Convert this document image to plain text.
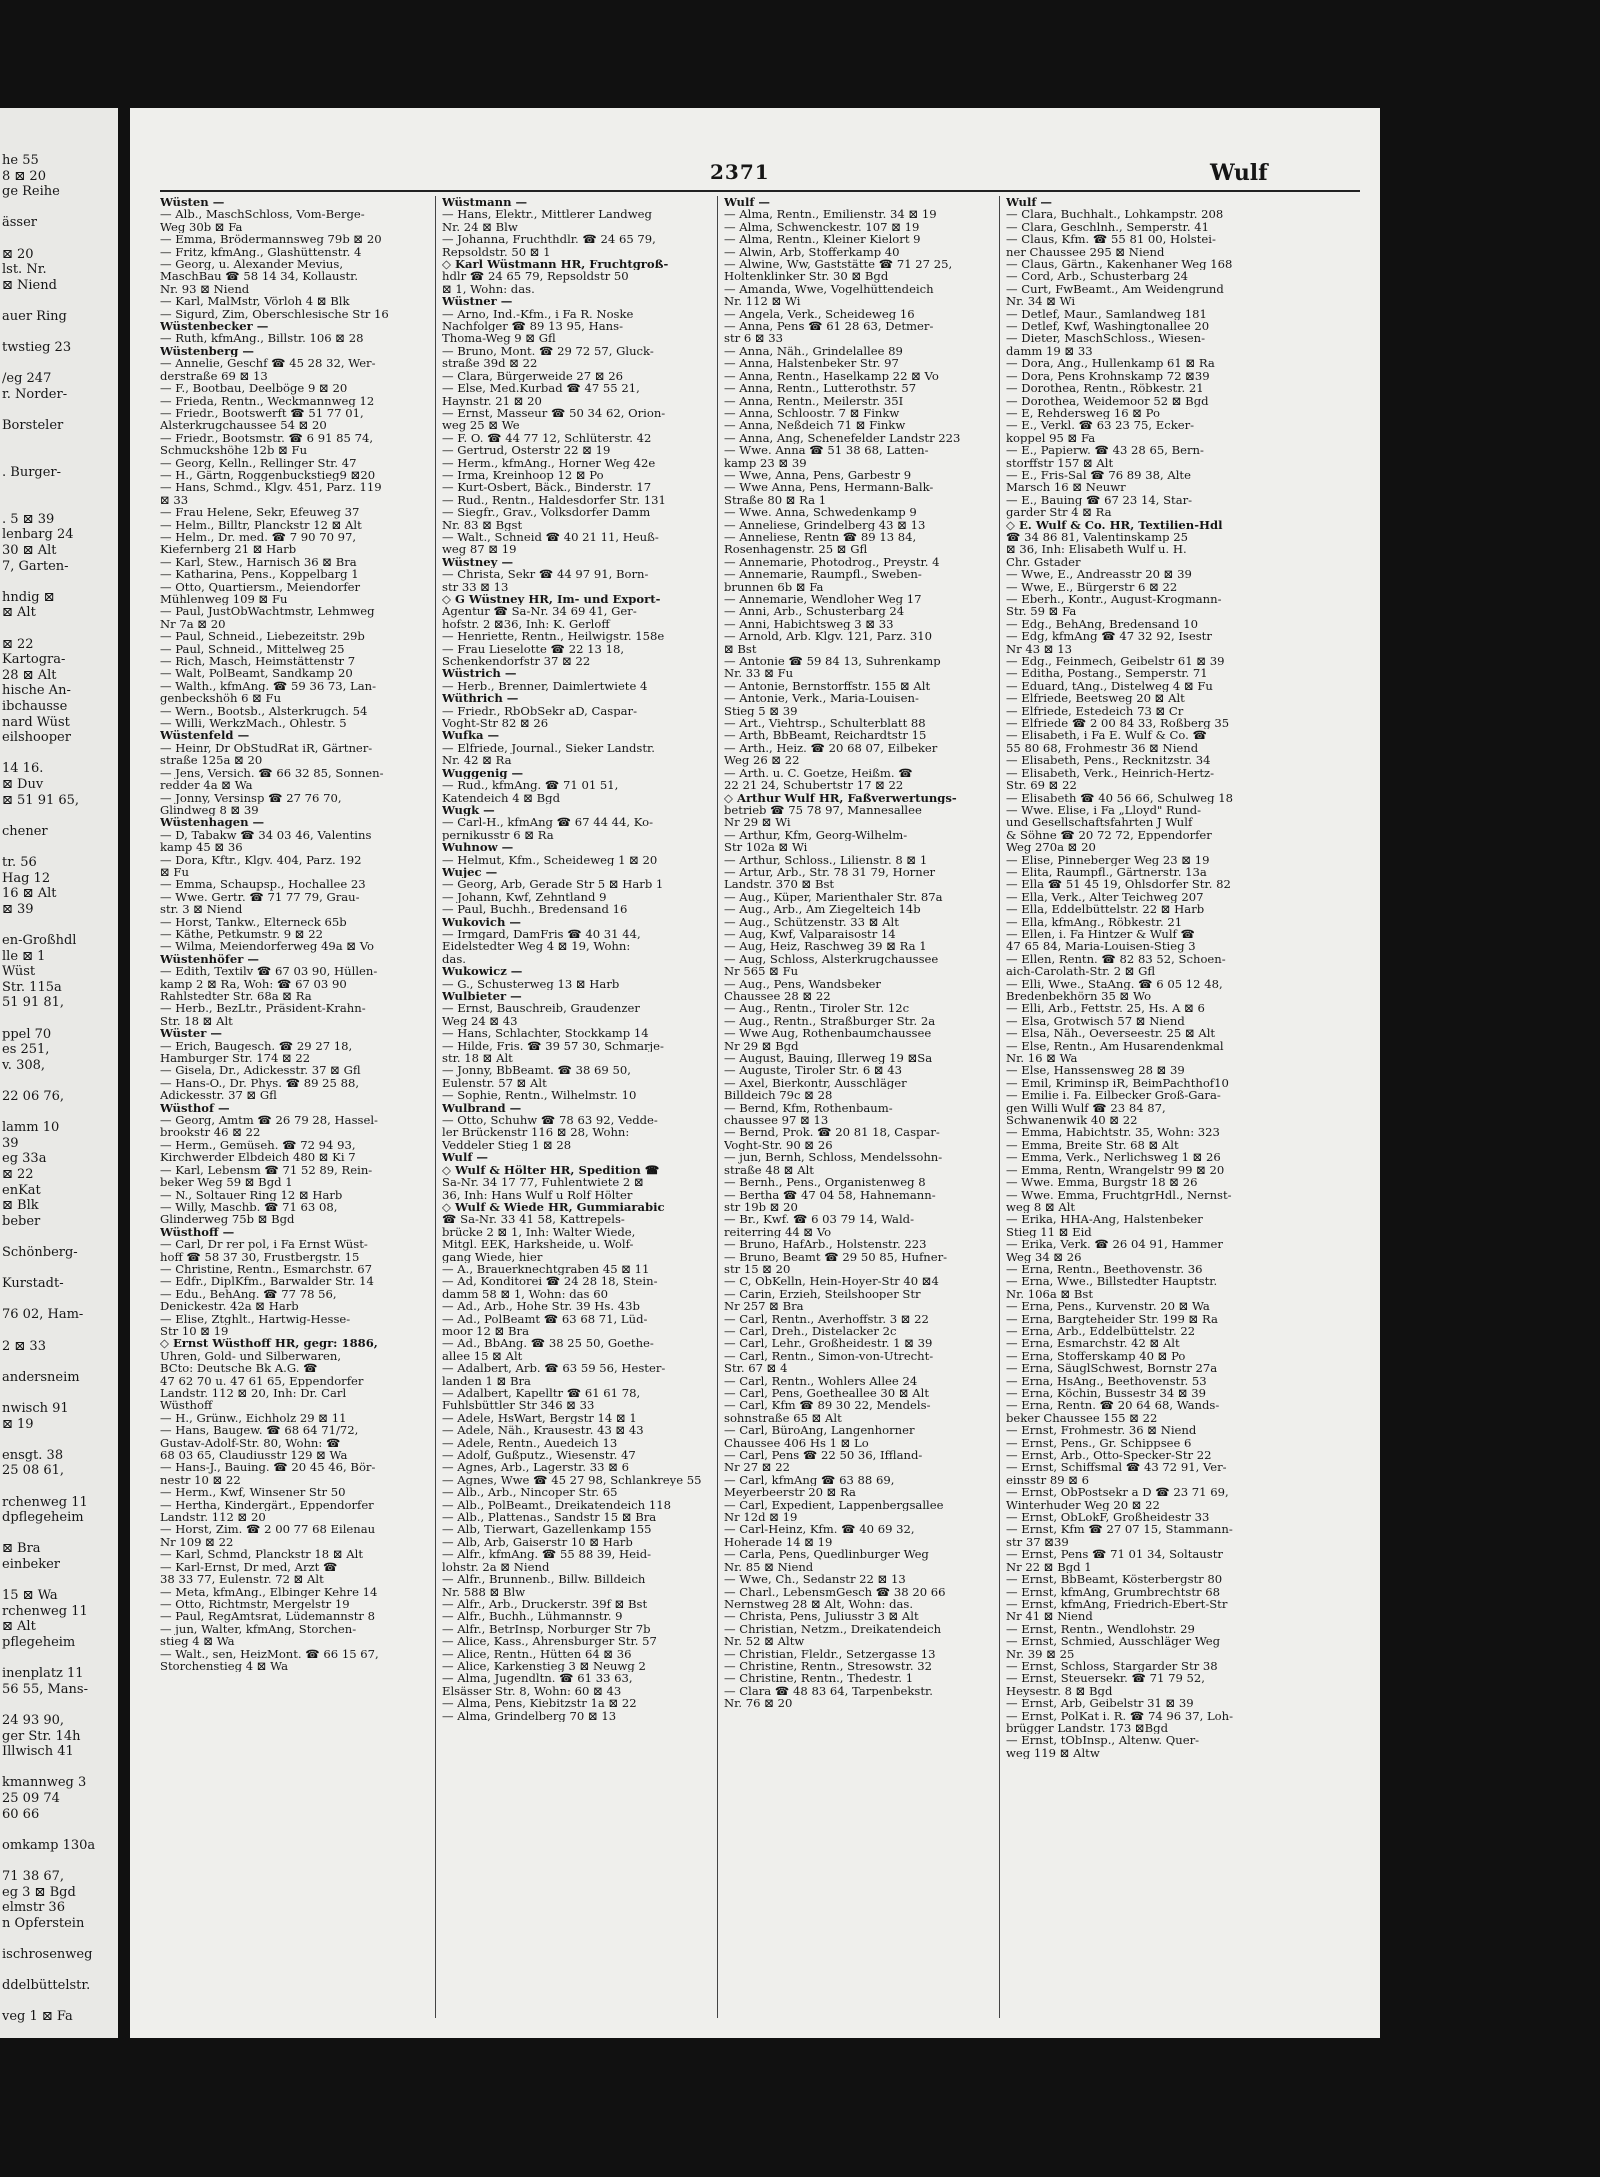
he 55
8 ⊠ 20
ge Reihe
ässer
⊠ 20
lst. Nr.
⊠ Niend
auer Ring
twstieg 23
/eg 247
r. Norder-
Borsteler
. Burger-
. 5 ⊠ 39
lenbarg 24
30 ⊠ Alt
7, Garten-
hndig ⊠
⊠ Alt
⊠ 22
Kartogra-
28 ⊠ Alt
hische An-
ibchausse
nard Wüst
eilshooper
14 16.
⊠ Duv
⊠ 51 91 65,
chener
tr. 56
Hag 12
16 ⊠ Alt
⊠ 39
en-Großhdl
lle ⊠ 1
Wüst
Str. 115a
51 91 81,
ppel 70
es 251,
v. 308,
22 06 76,
lamm 10
39
eg 33a
⊠ 22
enKat
⊠ Blk
beber
Schönberg-
Kurstadt-
76 02, Ham-
2 ⊠ 33
andersneim
nwisch 91
⊠ 19
ensgt. 38
25 08 61,
rchenweg 11
dpflegeheim
⊠ Bra
einbeker
15 ⊠ Wa
rchenweg 11
⊠ Alt
pflegeheim
inenplatz 11
56 55, Mans-
24 93 90,
ger Str. 14h
Illwisch 41
kmannweg 3
25 09 74
60 66
omkamp 130a
71 38 67,
eg 3 ⊠ Bgd
elmstr 36
n Opferstein
ischrosenweg
ddelbüttelstr.
veg 1 ⊠ Fa
2371	Wulf
Wüsten —
— Alb., MaschSchloss, Vom-Berge-
Weg 30b ⊠ Fa
— Emma, Brödermannsweg 79b ⊠ 20
— Fritz, kfmAng., Glashüttenstr. 4
— Georg, u. Alexander Mevius,
MaschBau ☎ 58 14 34, Kollaustr.
Nr. 93 ⊠ Niend
— Karl, MalMstr, Vörloh 4 ⊠ Blk
— Sigurd, Zim, Oberschlesische Str 16
Wüstenbecker —
— Ruth, kfmAng., Billstr. 106 ⊠ 28
Wüstenberg —
— Annelie, Geschf ☎ 45 28 32, Wer-
derstraße 69 ⊠ 13
— F., Bootbau, Deelböge 9 ⊠ 20
— Frieda, Rentn., Weckmannweg 12
— Friedr., Bootswerft ☎ 51 77 01,
Alsterkrugchaussee 54 ⊠ 20
— Friedr., Bootsmstr. ☎ 6 91 85 74,
Schmuckshöhe 12b ⊠ Fu
— Georg, Kelln., Rellinger Str. 47
— H., Gärtn, Roggenbuckstieg9 ⊠20
— Hans, Schmd., Klgv. 451, Parz. 119
⊠ 33
— Frau Helene, Sekr, Efeuweg 37
— Helm., Billtr, Planckstr 12 ⊠ Alt
— Helm., Dr. med. ☎ 7 90 70 97,
Kiefernberg 21 ⊠ Harb
— Karl, Stew., Harnisch 36 ⊠ Bra
— Katharina, Pens., Koppelbarg 1
— Otto, Quartiersm., Meiendorfer
Mühlenweg 109 ⊠ Fu
— Paul, JustObWachtmstr, Lehmweg
Nr 7a ⊠ 20
— Paul, Schneid., Liebezeitstr. 29b
— Paul, Schneid., Mittelweg 25
— Rich, Masch, Heimstättenstr 7
— Walt, PolBeamt, Sandkamp 20
— Walth., kfmAng. ☎ 59 36 73, Lan-
genbeckshöh 6 ⊠ Fu
— Wern., Bootsb., Alsterkrugch. 54
— Willi, WerkzMach., Ohlestr. 5
Wüstenfeld —
— Heinr, Dr ObStudRat iR, Gärtner-
straße 125a ⊠ 20
— Jens, Versich. ☎ 66 32 85, Sonnen-
redder 4a ⊠ Wa
— Jonny, Versinsp ☎ 27 76 70,
Glindweg 8 ⊠ 39
Wüstenhagen —
— D, Tabakw ☎ 34 03 46, Valentins
kamp 45 ⊠ 36
— Dora, Kftr., Klgv. 404, Parz. 192
⊠ Fu
— Emma, Schaupsp., Hochallee 23
— Wwe. Gertr. ☎ 71 77 79, Grau-
str. 3 ⊠ Niend
— Horst, Tankw., Elterneck 65b
— Käthe, Petkumstr. 9 ⊠ 22
— Wilma, Meiendorferweg 49a ⊠ Vo
Wüstenhöfer —
— Edith, Textilv ☎ 67 03 90, Hüllen-
kamp 2 ⊠ Ra, Woh: ☎ 67 03 90
Rahlstedter Str. 68a ⊠ Ra
— Herb., BezLtr., Präsident-Krahn-
Str. 18 ⊠ Alt
Wüster —
— Erich, Baugesch. ☎ 29 27 18,
Hamburger Str. 174 ⊠ 22
— Gisela, Dr., Adickesstr. 37 ⊠ Gfl
— Hans-O., Dr. Phys. ☎ 89 25 88,
Adickesstr. 37 ⊠ Gfl
Wüsthof —
— Georg, Amtm ☎ 26 79 28, Hassel-
brookstr 46 ⊠ 22
— Herm., Gemüseh. ☎ 72 94 93,
Kirchwerder Elbdeich 480 ⊠ Ki 7
— Karl, Lebensm ☎ 71 52 89, Rein-
beker Weg 59 ⊠ Bgd 1
— N., Soltauer Ring 12 ⊠ Harb
— Willy, Maschb. ☎ 71 63 08,
Glinderweg 75b ⊠ Bgd
Wüsthoff —
— Carl, Dr rer pol, i Fa Ernst Wüst-
hoff ☎ 58 37 30, Frustbergstr. 15
— Christine, Rentn., Esmarchstr. 67
— Edfr., DiplKfm., Barwalder Str. 14
— Edu., BehAng. ☎ 77 78 56,
Denickestr. 42a ⊠ Harb
— Elise, Ztghlt., Hartwig-Hesse-
Str 10 ⊠ 19
◇ Ernst Wüsthoff HR, gegr: 1886,
Uhren, Gold- und Silberwaren,
BCto: Deutsche Bk A.G. ☎
47 62 70 u. 47 61 65, Eppendorfer
Landstr. 112 ⊠ 20, Inh: Dr. Carl
Wüsthoff
— H., Grünw., Eichholz 29 ⊠ 11
— Hans, Baugew. ☎ 68 64 71/72,
Gustav-Adolf-Str. 80, Wohn: ☎
68 03 65, Claudiusstr 129 ⊠ Wa
— Hans-J., Bauing. ☎ 20 45 46, Bör-
nestr 10 ⊠ 22
— Herm., Kwf, Winsener Str 50
— Hertha, Kindergärt., Eppendorfer
Landstr. 112 ⊠ 20
— Horst, Zim. ☎ 2 00 77 68 Eilenau
Nr 109 ⊠ 22
— Karl, Schmd, Planckstr 18 ⊠ Alt
— Karl-Ernst, Dr med, Arzt ☎
38 33 77, Eulenstr. 72 ⊠ Alt
— Meta, kfmAng., Elbinger Kehre 14
— Otto, Richtmstr, Mergelstr 19
— Paul, RegAmtsrat, Lüdemannstr 8
— jun, Walter, kfmAng, Storchen-
stieg 4 ⊠ Wa
— Walt., sen, HeizMont. ☎ 66 15 67,
Storchenstieg 4 ⊠ Wa
Wüstmann —
— Hans, Elektr., Mittlerer Landweg
Nr. 24 ⊠ Blw
— Johanna, Fruchthdlr. ☎ 24 65 79,
Repsoldstr. 50 ⊠ 1
◇ Karl Wüstmann HR, Fruchtgroß-
hdlr ☎ 24 65 79, Repsoldstr 50
⊠ 1, Wohn: das.
Wüstner —
— Arno, Ind.-Kfm., i Fa R. Noske
Nachfolger ☎ 89 13 95, Hans-
Thoma-Weg 9 ⊠ Gfl
— Bruno, Mont. ☎ 29 72 57, Gluck-
straße 39d ⊠ 22
— Clara, Bürgerweide 27 ⊠ 26
— Else, Med.Kurbad ☎ 47 55 21,
Haynstr. 21 ⊠ 20
— Ernst, Masseur ☎ 50 34 62, Orion-
weg 25 ⊠ We
— F. O. ☎ 44 77 12, Schlüterstr. 42
— Gertrud, Osterstr 22 ⊠ 19
— Herm., kfmAng., Horner Weg 42e
— Irma, Kreinhoop 12 ⊠ Po
— Kurt-Osbert, Bäck., Binderstr. 17
— Rud., Rentn., Haldesdorfer Str. 131
— Siegfr., Grav., Volksdorfer Damm
Nr. 83 ⊠ Bgst
— Walt., Schneid ☎ 40 21 11, Heuß-
weg 87 ⊠ 19
Wüstney —
— Christa, Sekr ☎ 44 97 91, Born-
str 33 ⊠ 13
◇ G Wüstney HR, Im- und Export-
Agentur ☎ Sa-Nr. 34 69 41, Ger-
hofstr. 2 ⊠36, Inh: K. Gerloff
— Henriette, Rentn., Heilwigstr. 158e
— Frau Lieselotte ☎ 22 13 18,
Schenkendorfstr 37 ⊠ 22
Wüstrich —
— Herb., Brenner, Daimlertwiete 4
Wüthrich —
— Friedr., RbObSekr aD, Caspar-
Voght-Str 82 ⊠ 26
Wufka —
— Elfriede, Journal., Sieker Landstr.
Nr. 42 ⊠ Ra
Wuggenig —
— Rud., kfmAng. ☎ 71 01 51,
Katendeich 4 ⊠ Bgd
Wugk —
— Carl-H., kfmAng ☎ 67 44 44, Ko-
pernikusstr 6 ⊠ Ra
Wuhnow —
— Helmut, Kfm., Scheideweg 1 ⊠ 20
Wujec —
— Georg, Arb, Gerade Str 5 ⊠ Harb 1
— Johann, Kwf, Zehntland 9
— Paul, Buchh., Bredensand 16
Wukovich —
— Irmgard, DamFris ☎ 40 31 44,
Eidelstedter Weg 4 ⊠ 19, Wohn:
das.
Wukowicz —
— G., Schusterweg 13 ⊠ Harb
Wulbieter —
— Ernst, Bauschreib, Graudenzer
Weg 24 ⊠ 43
— Hans, Schlachter, Stockkamp 14
— Hilde, Fris. ☎ 39 57 30, Schmarje-
str. 18 ⊠ Alt
— Jonny, BbBeamt. ☎ 38 69 50,
Eulenstr. 57 ⊠ Alt
— Sophie, Rentn., Wilhelmstr. 10
Wulbrand —
— Otto, Schuhw ☎ 78 63 92, Vedde-
ler Brückenstr 116 ⊠ 28, Wohn:
Veddeler Stieg 1 ⊠ 28
Wulf —
◇ Wulf & Hölter HR, Spedition ☎
Sa-Nr. 34 17 77, Fuhlentwiete 2 ⊠
36, Inh: Hans Wulf u Rolf Hölter
◇ Wulf & Wiede HR, Gummiarabic
☎ Sa-Nr. 33 41 58, Kattrepels-
brücke 2 ⊠ 1, Inh: Walter Wiede,
Mitgl. EEK, Harksheide, u. Wolf-
gang Wiede, hier
— A., Brauerknechtgraben 45 ⊠ 11
— Ad, Konditorei ☎ 24 28 18, Stein-
damm 58 ⊠ 1, Wohn: das 60
— Ad., Arb., Hohe Str. 39 Hs. 43b
— Ad., PolBeamt ☎ 63 68 71, Lüd-
moor 12 ⊠ Bra
— Ad., BbAng. ☎ 38 25 50, Goethe-
allee 15 ⊠ Alt
— Adalbert, Arb. ☎ 63 59 56, Hester-
landen 1 ⊠ Bra
— Adalbert, Kapelltr ☎ 61 61 78,
Fuhlsbüttler Str 346 ⊠ 33
— Adele, HsWart, Bergstr 14 ⊠ 1
— Adele, Näh., Krausestr. 43 ⊠ 43
— Adele, Rentn., Auedeich 13
— Adolf, Gußputz., Wiesenstr. 47
— Agnes, Arb., Lagerstr. 33 ⊠ 6
— Agnes, Wwe ☎ 45 27 98, Schlankreye 55
— Alb., Arb., Nincoper Str. 65
— Alb., PolBeamt., Dreikatendeich 118
— Alb., Plattenas., Sandstr 15 ⊠ Bra
— Alb, Tierwart, Gazellenkamp 155
— Alb, Arb, Gaiserstr 10 ⊠ Harb
— Alfr., kfmAng. ☎ 55 88 39, Heid-
lohstr. 2a ⊠ Niend
— Alfr., Brunnenb., Billw. Billdeich
Nr. 588 ⊠ Blw
— Alfr., Arb., Druckerstr. 39f ⊠ Bst
— Alfr., Buchh., Lühmannstr. 9
— Alfr., BetrInsp, Norburger Str 7b
— Alice, Kass., Ahrensburger Str. 57
— Alice, Rentn., Hütten 64 ⊠ 36
— Alice, Karkenstieg 3 ⊠ Neuwg 2
— Alma, Jugendltn. ☎ 61 33 63,
Elsässer Str. 8, Wohn: 60 ⊠ 43
— Alma, Pens, Kiebitzstr 1a ⊠ 22
— Alma, Grindelberg 70 ⊠ 13
Wulf —
— Alma, Rentn., Emilienstr. 34 ⊠ 19
— Alma, Schwenckestr. 107 ⊠ 19
— Alma, Rentn., Kleiner Kielort 9
— Alwin, Arb, Stofferkamp 40
— Alwine, Ww, Gaststätte ☎ 71 27 25,
Holtenklinker Str. 30 ⊠ Bgd
— Amanda, Wwe, Vogelhüttendeich
Nr. 112 ⊠ Wi
— Angela, Verk., Scheideweg 16
— Anna, Pens ☎ 61 28 63, Detmer-
str 6 ⊠ 33
— Anna, Näh., Grindelallee 89
— Anna, Halstenbeker Str. 97
— Anna, Rentn., Haselkamp 22 ⊠ Vo
— Anna, Rentn., Lutterothstr. 57
— Anna, Rentn., Meilerstr. 35I
— Anna, Schloostr. 7 ⊠ Finkw
— Anna, Neßdeich 71 ⊠ Finkw
— Anna, Ang, Schenefelder Landstr 223
— Wwe. Anna ☎ 51 38 68, Latten-
kamp 23 ⊠ 39
— Wwe, Anna, Pens, Garbestr 9
— Wwe Anna, Pens, Hermann-Balk-
Straße 80 ⊠ Ra 1
— Wwe. Anna, Schwedenkamp 9
— Anneliese, Grindelberg 43 ⊠ 13
— Anneliese, Rentn ☎ 89 13 84,
Rosenhagenstr. 25 ⊠ Gfl
— Annemarie, Photodrog., Preystr. 4
— Annemarie, Raumpfl., Sweben-
brunnen 6b ⊠ Fa
— Annemarie, Wendloher Weg 17
— Anni, Arb., Schusterbarg 24
— Anni, Habichtsweg 3 ⊠ 33
— Arnold, Arb. Klgv. 121, Parz. 310
⊠ Bst
— Antonie ☎ 59 84 13, Suhrenkamp
Nr. 33 ⊠ Fu
— Antonie, Bernstorffstr. 155 ⊠ Alt
— Antonie, Verk., Maria-Louisen-
Stieg 5 ⊠ 39
— Art., Viehtrsp., Schulterblatt 88
— Arth, BbBeamt, Reichardtstr 15
— Arth., Heiz. ☎ 20 68 07, Eilbeker
Weg 26 ⊠ 22
— Arth. u. C. Goetze, Heißm. ☎
22 21 24, Schubertstr 17 ⊠ 22
◇ Arthur Wulf HR, Faßverwertungs-
betrieb ☎ 75 78 97, Mannesallee
Nr 29 ⊠ Wi
— Arthur, Kfm, Georg-Wilhelm-
Str 102a ⊠ Wi
— Arthur, Schloss., Lilienstr. 8 ⊠ 1
— Artur, Arb., Str. 78 31 79, Horner
Landstr. 370 ⊠ Bst
— Aug., Küper, Marienthaler Str. 87a
— Aug., Arb., Am Ziegelteich 14b
— Aug., Schützenstr. 33 ⊠ Alt
— Aug, Kwf, Valparaisostr 14
— Aug, Heiz, Raschweg 39 ⊠ Ra 1
— Aug, Schloss, Alsterkrugchaussee
Nr 565 ⊠ Fu
— Aug., Pens, Wandsbeker
Chaussee 28 ⊠ 22
— Aug., Rentn., Tiroler Str. 12c
— Aug., Rentn., Straßburger Str. 2a
— Wwe Aug, Rothenbaumchaussee
Nr 29 ⊠ Bgd
— August, Bauing, Illerweg 19 ⊠Sa
— Auguste, Tiroler Str. 6 ⊠ 43
— Axel, Bierkontr, Ausschläger
Billdeich 79c ⊠ 28
— Bernd, Kfm, Rothenbaum-
chaussee 97 ⊠ 13
— Bernd, Prok. ☎ 20 81 18, Caspar-
Voght-Str. 90 ⊠ 26
— jun, Bernh, Schloss, Mendelssohn-
straße 48 ⊠ Alt
— Bernh., Pens., Organistenweg 8
— Bertha ☎ 47 04 58, Hahnemann-
str 19b ⊠ 20
— Br., Kwf. ☎ 6 03 79 14, Wald-
reiterring 44 ⊠ Vo
— Bruno, HafArb., Holstenstr. 223
— Bruno, Beamt ☎ 29 50 85, Hufner-
str 15 ⊠ 20
— C, ObKelln, Hein-Hoyer-Str 40 ⊠4
— Carin, Erzieh, Steilshooper Str
Nr 257 ⊠ Bra
— Carl, Rentn., Averhoffstr. 3 ⊠ 22
— Carl, Dreh., Distelacker 2c
— Carl, Lehr., Großheidestr. 1 ⊠ 39
— Carl, Rentn., Simon-von-Utrecht-
Str. 67 ⊠ 4
— Carl, Rentn., Wohlers Allee 24
— Carl, Pens, Goetheallee 30 ⊠ Alt
— Carl, Kfm ☎ 89 30 22, Mendels-
sohnstraße 65 ⊠ Alt
— Carl, BüroAng, Langenhorner
Chaussee 406 Hs 1 ⊠ Lo
— Carl, Pens ☎ 22 50 36, Iffland-
Nr 27 ⊠ 22
— Carl, kfmAng ☎ 63 88 69,
Meyerbeerstr 20 ⊠ Ra
— Carl, Expedient, Lappenbergsallee
Nr 12d ⊠ 19
— Carl-Heinz, Kfm. ☎ 40 69 32,
Hoherade 14 ⊠ 19
— Carla, Pens, Quedlinburger Weg
Nr. 85 ⊠ Niend
— Wwe, Ch., Sedanstr 22 ⊠ 13
— Charl., LebensmGesch ☎ 38 20 66
Nernstweg 28 ⊠ Alt, Wohn: das.
— Christa, Pens, Juliusstr 3 ⊠ Alt
— Christian, Netzm., Dreikatendeich
Nr. 52 ⊠ Altw
— Christian, Fleldr., Setzergasse 13
— Christine, Rentn., Stresowstr. 32
— Christine, Rentn., Thedestr. 1
— Clara ☎ 48 83 64, Tarpenbekstr.
Nr. 76 ⊠ 20
Wulf —
— Clara, Buchhalt., Lohkampstr. 208
— Clara, Geschlnh., Semperstr. 41
— Claus, Kfm. ☎ 55 81 00, Holstei-
ner Chaussee 295 ⊠ Niend
— Claus, Gärtn., Kakenhaner Weg 168
— Cord, Arb., Schusterbarg 24
— Curt, FwBeamt., Am Weidengrund
Nr. 34 ⊠ Wi
— Detlef, Maur., Samlandweg 181
— Detlef, Kwf, Washingtonallee 20
— Dieter, MaschSchloss., Wiesen-
damm 19 ⊠ 33
— Dora, Ang., Hullenkamp 61 ⊠ Ra
— Dora, Pens Krohnskamp 72 ⊠39
— Dorothea, Rentn., Röbkestr. 21
— Dorothea, Weidemoor 52 ⊠ Bgd
— E, Rehdersweg 16 ⊠ Po
— E., Verkl. ☎ 63 23 75, Ecker-
koppel 95 ⊠ Fa
— E., Papierw. ☎ 43 28 65, Bern-
storffstr 157 ⊠ Alt
— E., Fris-Sal ☎ 76 89 38, Alte
Marsch 16 ⊠ Neuwr
— E., Bauing ☎ 67 23 14, Star-
garder Str 4 ⊠ Ra
◇ E. Wulf & Co. HR, Textilien-Hdl
☎ 34 86 81, Valentinskamp 25
⊠ 36, Inh: Elisabeth Wulf u. H.
Chr. Gstader
— Wwe, E., Andreasstr 20 ⊠ 39
— Wwe, E., Bürgerstr 6 ⊠ 22
— Eberh., Kontr., August-Krogmann-
Str. 59 ⊠ Fa
— Edg., BehAng, Bredensand 10
— Edg, kfmAng ☎ 47 32 92, Isestr
Nr 43 ⊠ 13
— Edg., Feinmech, Geibelstr 61 ⊠ 39
— Editha, Postang., Semperstr. 71
— Eduard, tAng., Distelweg 4 ⊠ Fu
— Elfriede, Beetsweg 20 ⊠ Alt
— Elfriede, Estedeich 73 ⊠ Cr
— Elfriede ☎ 2 00 84 33, Roßberg 35
— Elisabeth, i Fa E. Wulf & Co. ☎
55 80 68, Frohmestr 36 ⊠ Niend
— Elisabeth, Pens., Recknitzstr. 34
— Elisabeth, Verk., Heinrich-Hertz-
Str. 69 ⊠ 22
— Elisabeth ☎ 40 56 66, Schulweg 18
— Wwe. Elise, i Fa „Lloyd" Rund-
und Gesellschaftsfahrten J Wulf
& Söhne ☎ 20 72 72, Eppendorfer
Weg 270a ⊠ 20
— Elise, Pinneberger Weg 23 ⊠ 19
— Elita, Raumpfl., Gärtnerstr. 13a
— Ella ☎ 51 45 19, Ohlsdorfer Str. 82
— Ella, Verk., Alter Teichweg 207
— Ella, Eddelbüttelstr. 22 ⊠ Harb
— Ella, kfmAng., Röbkestr. 21
— Ellen, i. Fa Hintzer & Wulf ☎
47 65 84, Maria-Louisen-Stieg 3
— Ellen, Rentn. ☎ 82 83 52, Schoen-
aich-Carolath-Str. 2 ⊠ Gfl
— Elli, Wwe., StaAng. ☎ 6 05 12 48,
Bredenbekhörn 35 ⊠ Wo
— Elli, Arb., Fettstr. 25, Hs. A ⊠ 6
— Elsa, Grotwisch 57 ⊠ Niend
— Elsa, Näh., Oeverseestr. 25 ⊠ Alt
— Else, Rentn., Am Husarendenkmal
Nr. 16 ⊠ Wa
— Else, Hanssensweg 28 ⊠ 39
— Emil, Kriminsp iR, BeimPachthof10
— Emilie i. Fa. Eilbecker Groß-Gara-
gen Willi Wulf ☎ 23 84 87,
Schwanenwik 40 ⊠ 22
— Emma, Habichtstr. 35, Wohn: 323
— Emma, Breite Str. 68 ⊠ Alt
— Emma, Verk., Nerlichsweg 1 ⊠ 26
— Emma, Rentn, Wrangelstr 99 ⊠ 20
— Wwe. Emma, Burgstr 18 ⊠ 26
— Wwe. Emma, FruchtgrHdl., Nernst-
weg 8 ⊠ Alt
— Erika, HHA-Ang, Halstenbeker
Stieg 11 ⊠ Eid
— Erika, Verk. ☎ 26 04 91, Hammer
Weg 34 ⊠ 26
— Erna, Rentn., Beethovenstr. 36
— Erna, Wwe., Billstedter Hauptstr.
Nr. 106a ⊠ Bst
— Erna, Pens., Kurvenstr. 20 ⊠ Wa
— Erna, Bargteheider Str. 199 ⊠ Ra
— Erna, Arb., Eddelbüttelstr. 22
— Erna, Esmarchstr. 42 ⊠ Alt
— Erna, Stofferskamp 40 ⊠ Po
— Erna, SäuglSchwest, Bornstr 27a
— Erna, HsAng., Beethovenstr. 53
— Erna, Köchin, Bussestr 34 ⊠ 39
— Erna, Rentn. ☎ 20 64 68, Wands-
beker Chaussee 155 ⊠ 22
— Ernst, Frohmestr. 36 ⊠ Niend
— Ernst, Pens., Gr. Schippsee 6
— Ernst, Arb., Otto-Specker-Str 22
— Ernst, Schiffsmal ☎ 43 72 91, Ver-
einsstr 89 ⊠ 6
— Ernst, ObPostsekr a D ☎ 23 71 69,
Winterhuder Weg 20 ⊠ 22
— Ernst, ObLokF, Großheidestr 33
— Ernst, Kfm ☎ 27 07 15, Stammann-
str 37 ⊠39
— Ernst, Pens ☎ 71 01 34, Soltaustr
Nr 22 ⊠ Bgd 1
— Ernst, BbBeamt, Kösterbergstr 80
— Ernst, kfmAng, Grumbrechtstr 68
— Ernst, kfmAng, Friedrich-Ebert-Str
Nr 41 ⊠ Niend
— Ernst, Rentn., Wendlohstr. 29
— Ernst, Schmied, Ausschläger Weg
Nr. 39 ⊠ 25
— Ernst, Schloss, Stargarder Str 38
— Ernst, Steuersekr. ☎ 71 79 52,
Heysestr. 8 ⊠ Bgd
— Ernst, Arb, Geibelstr 31 ⊠ 39
— Ernst, PolKat i. R. ☎ 74 96 37, Loh-
brügger Landstr. 173 ⊠Bgd
— Ernst, tObInsp., Altenw. Quer-
weg 119 ⊠ Altw
